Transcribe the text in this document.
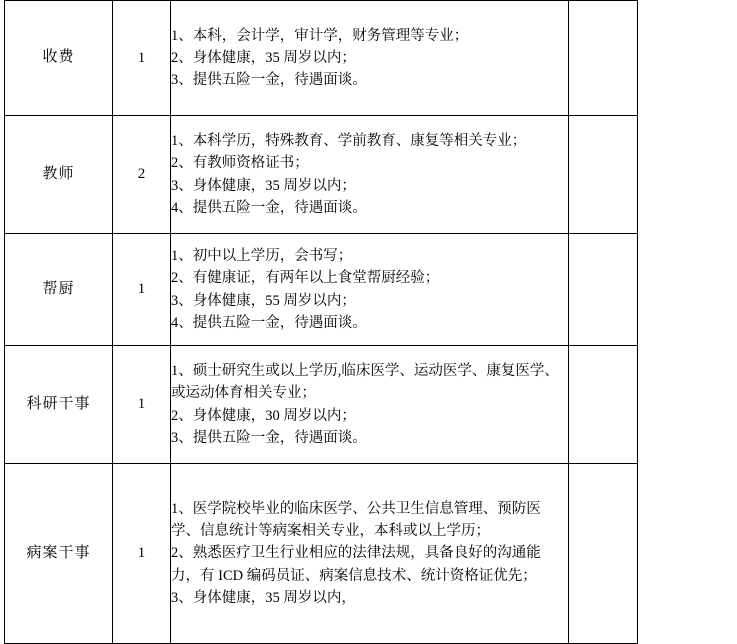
收费	1	1、本科，会计学，审计学，财务管理等专业；
2、身体健康，35 周岁以内；
3、提供五险一金，待遇面谈。	

教师	2	1、本科学历，特殊教育、学前教育、康复等相关专业；
2、有教师资格证书；
3、身体健康，35 周岁以内；
4、提供五险一金，待遇面谈。	

帮厨	1	1、初中以上学历，会书写；
2、有健康证，有两年以上食堂帮厨经验；
3、身体健康，55 周岁以内；
4、提供五险一金，待遇面谈。	

科研干事	1	1、硕士研究生或以上学历,临床医学、运动医学、康复医学、或运动体育相关专业；
2、身体健康，30 周岁以内；
3、提供五险一金，待遇面谈。	

病案干事	1	1、医学院校毕业的临床医学、公共卫生信息管理、预防医学、信息统计等病案相关专业，本科或以上学历；
2、熟悉医疗卫生行业相应的法律法规，具备良好的沟通能力，有 ICD 编码员证、病案信息技术、统计资格证优先；
3、身体健康，35 周岁以内，	
